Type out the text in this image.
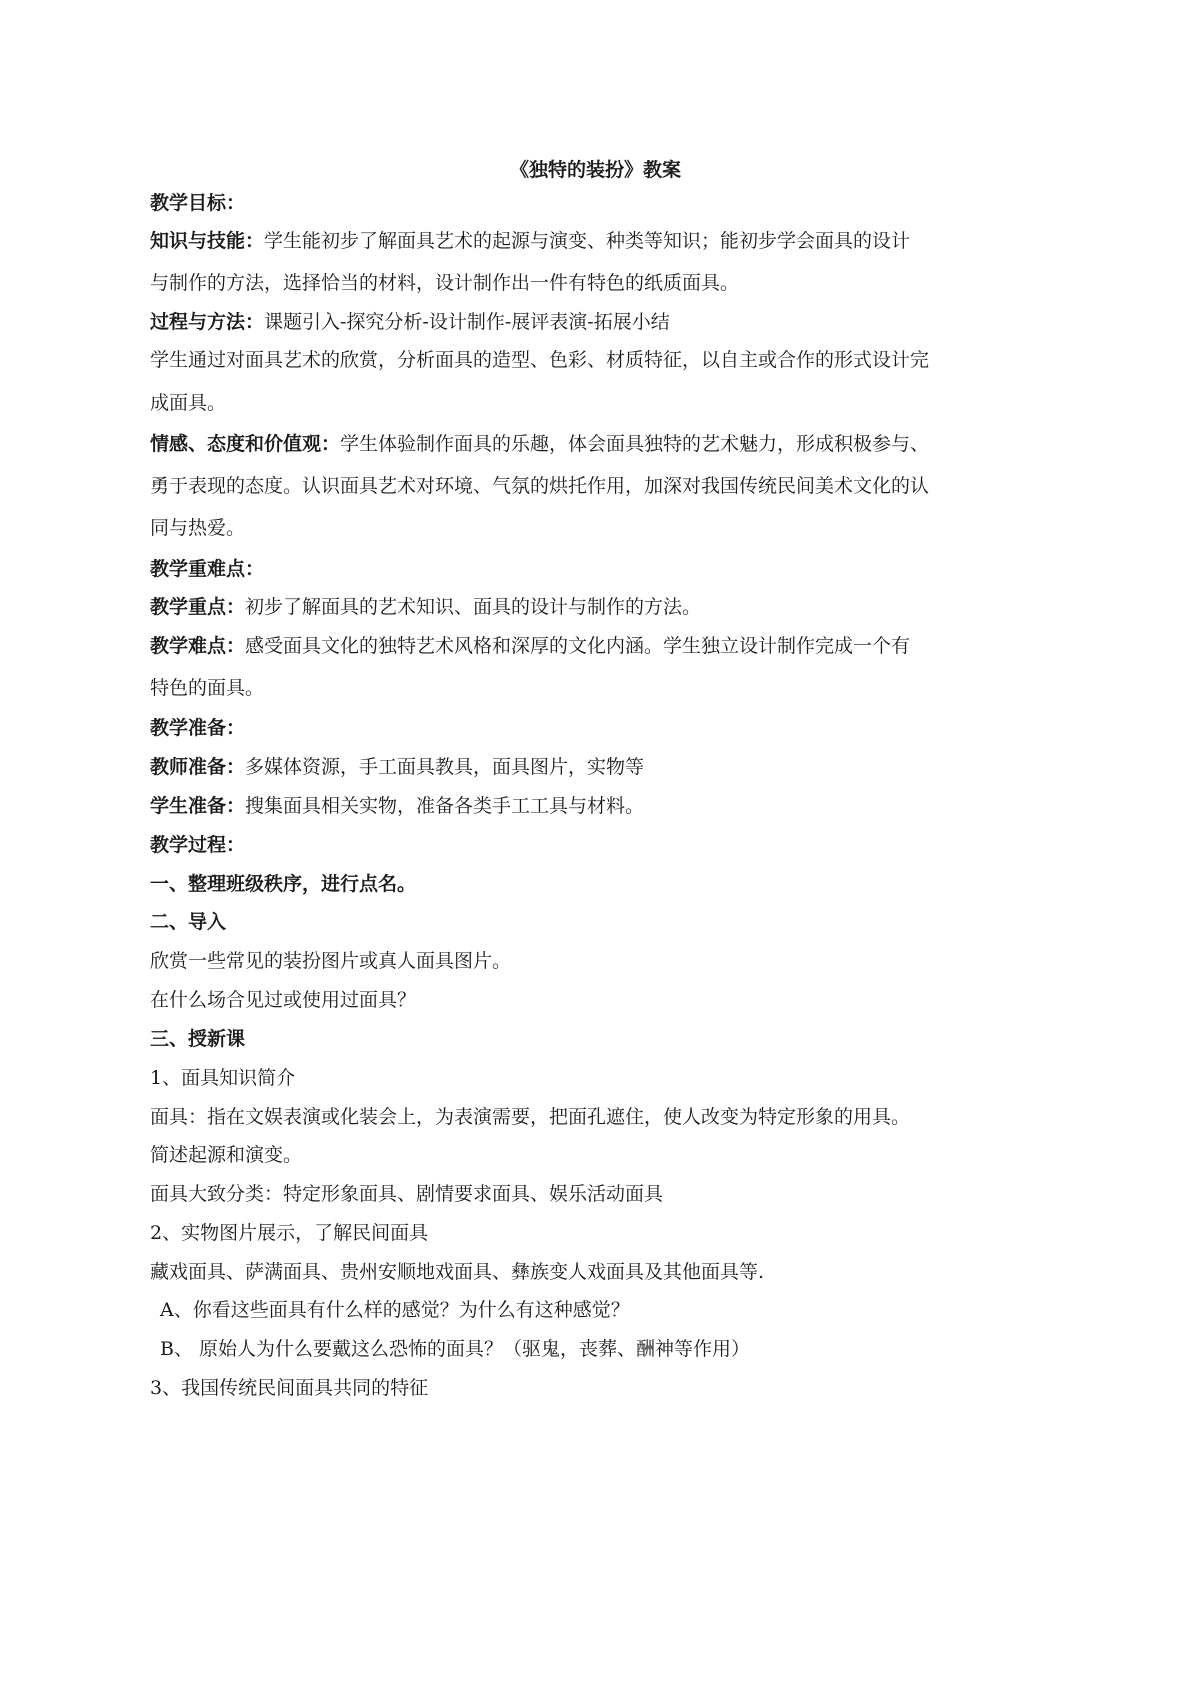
《独特的装扮》教案
教学目标：
知识与技能：学生能初步了解面具艺术的起源与演变、种类等知识；能初步学会面具的设计
与制作的方法，选择恰当的材料，设计制作出一件有特色的纸质面具。
过程与方法：课题引入-探究分析-设计制作-展评表演-拓展小结
学生通过对面具艺术的欣赏，分析面具的造型、色彩、材质特征，以自主或合作的形式设计完
成面具。
情感、态度和价值观：学生体验制作面具的乐趣，体会面具独特的艺术魅力，形成积极参与、
勇于表现的态度。认识面具艺术对环境、气氛的烘托作用，加深对我国传统民间美术文化的认
同与热爱。
教学重难点：
教学重点：初步了解面具的艺术知识、面具的设计与制作的方法。
教学难点：感受面具文化的独特艺术风格和深厚的文化内涵。学生独立设计制作完成一个有
特色的面具。
教学准备：
教师准备：多媒体资源，手工面具教具，面具图片，实物等
学生准备：搜集面具相关实物，准备各类手工工具与材料。
教学过程：
一、整理班级秩序，进行点名。
二、导入
欣赏一些常见的装扮图片或真人面具图片。
在什么场合见过或使用过面具？
三、授新课
1、面具知识简介
面具：指在文娱表演或化装会上，为表演需要，把面孔遮住，使人改变为特定形象的用具。
简述起源和演变。
面具大致分类：特定形象面具、剧情要求面具、娱乐活动面具
2、实物图片展示，了解民间面具
藏戏面具、萨满面具、贵州安顺地戏面具、彝族变人戏面具及其他面具等.
A、你看这些面具有什么样的感觉？为什么有这种感觉？
B、 原始人为什么要戴这么恐怖的面具？（驱鬼，丧葬、酬神等作用）
3、我国传统民间面具共同的特征
